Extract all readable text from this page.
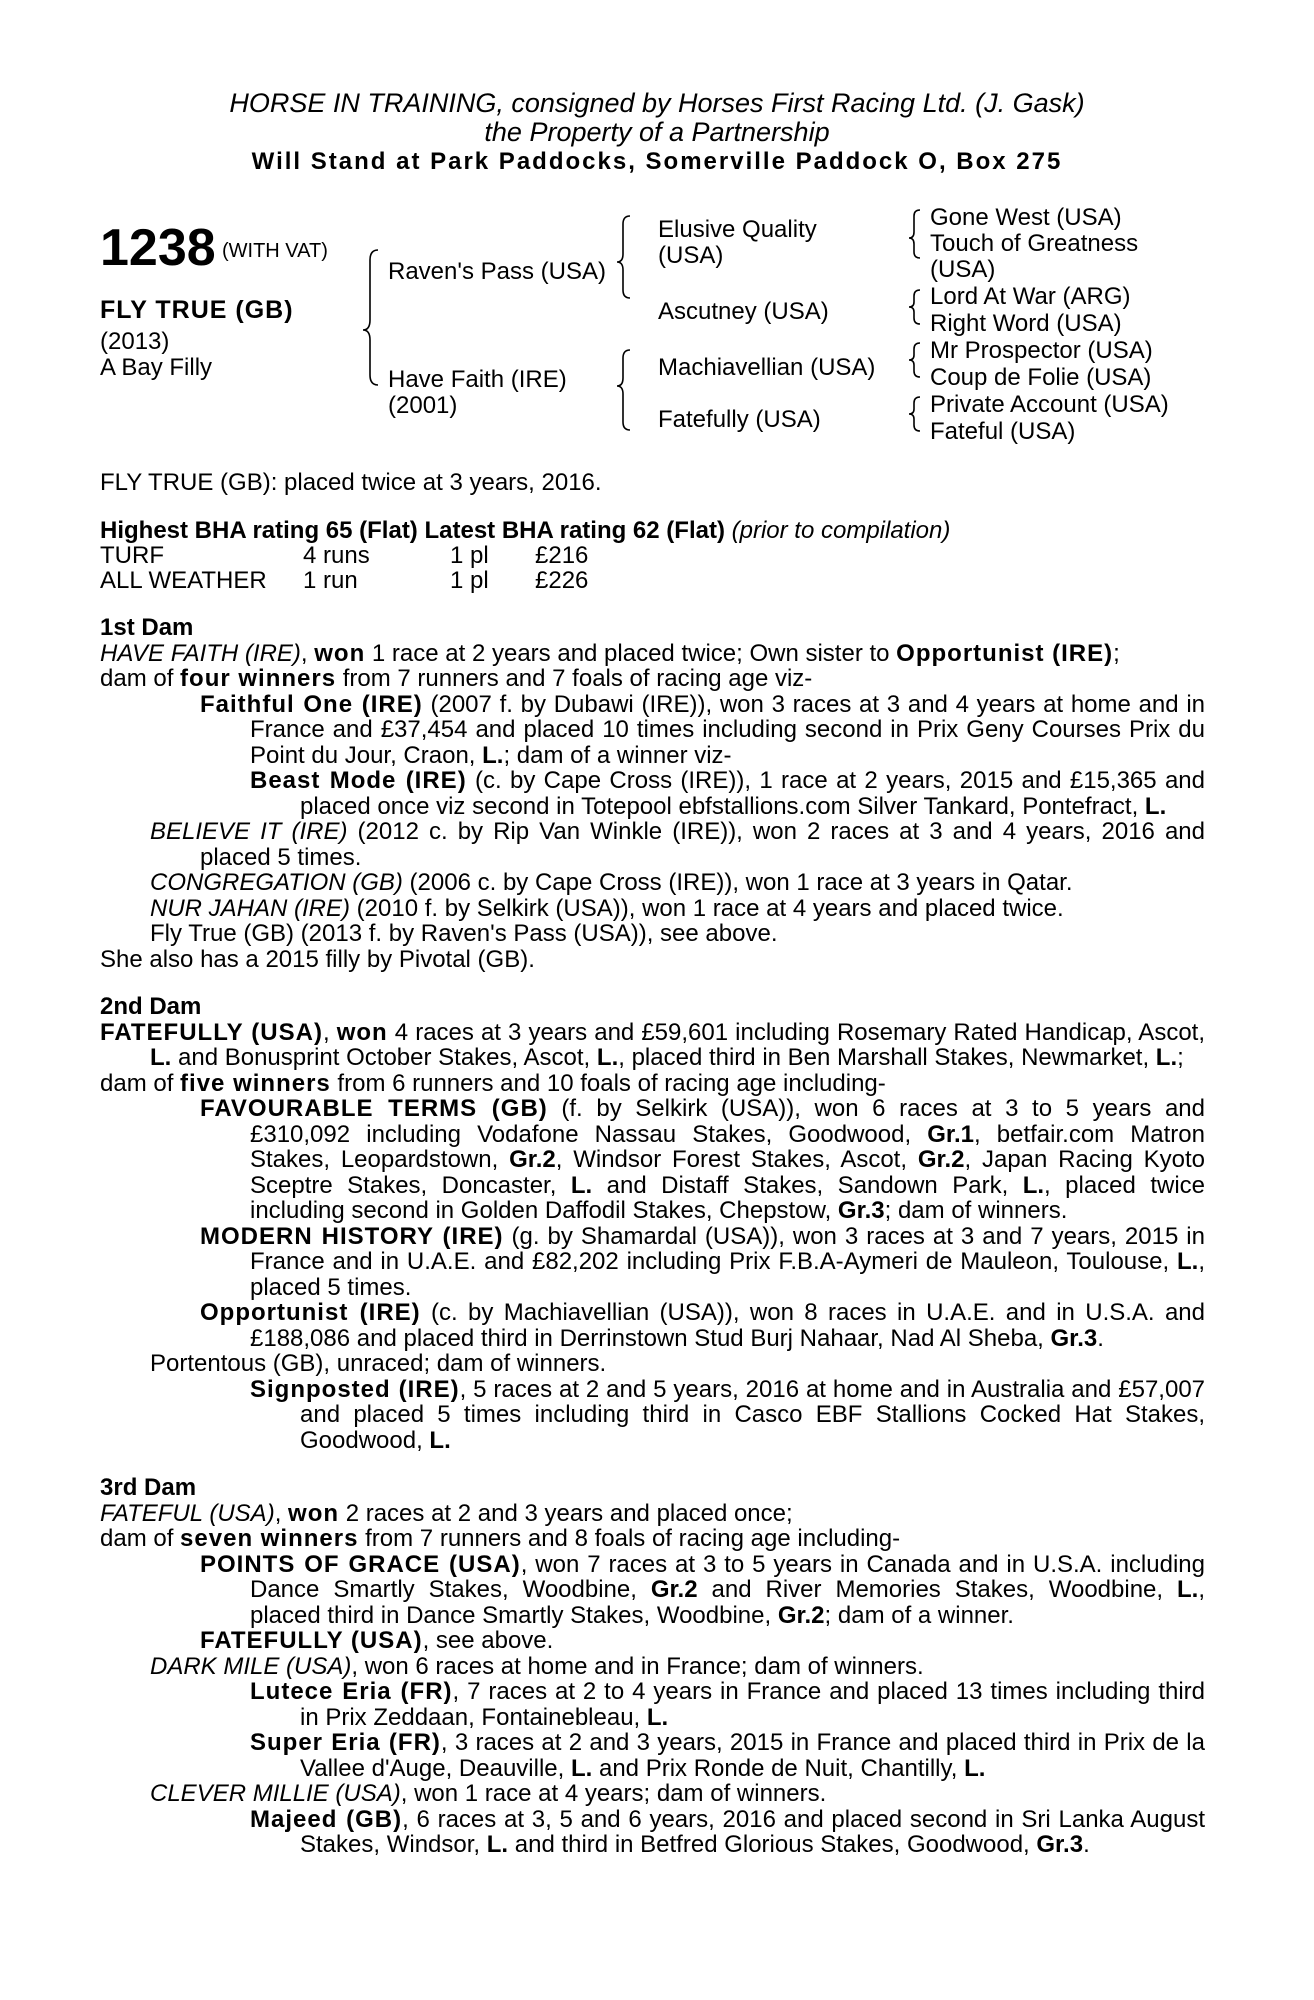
HORSE IN TRAINING, consigned by Horses First Racing Ltd. (J. Gask)
the Property of a Partnership
Will Stand at Park Paddocks, Somerville Paddock O, Box 275
1238 (WITH VAT)
FLY TRUE (GB)
(2013)
A Bay Filly
Raven's Pass (USA)
Have Faith (IRE)
(2001)
Elusive Quality
(USA)
Ascutney (USA)
Machiavellian (USA)
Fatefully (USA)
Gone West (USA)
Touch of Greatness
(USA)
Lord At War (ARG)
Right Word (USA)
Mr Prospector (USA)
Coup de Folie (USA)
Private Account (USA)
Fateful (USA)

FLY TRUE (GB): placed twice at 3 years, 2016.

Highest BHA rating 65 (Flat) Latest BHA rating 62 (Flat) (prior to compilation)

TURF	4 runs	1 pl	£216
ALL WEATHER	1 run	1 pl	£226

1st Dam

HAVE FAITH (IRE), won 1 race at 2 years and placed twice; Own sister to Opportunist (IRE);

dam of four winners from 7 runners and 7 foals of racing age viz-

Faithful One (IRE) (2007 f. by Dubawi (IRE)), won 3 races at 3 and 4 years at home and in France and £37,454 and placed 10 times including second in Prix Geny Courses Prix du Point du Jour, Craon, L.; dam of a winner viz-

Beast Mode (IRE) (c. by Cape Cross (IRE)), 1 race at 2 years, 2015 and £15,365 and placed once viz second in Totepool ebfstallions.com Silver Tankard, Pontefract, L.

BELIEVE IT (IRE) (2012 c. by Rip Van Winkle (IRE)), won 2 races at 3 and 4 years, 2016 and placed 5 times.

CONGREGATION (GB) (2006 c. by Cape Cross (IRE)), won 1 race at 3 years in Qatar.

NUR JAHAN (IRE) (2010 f. by Selkirk (USA)), won 1 race at 4 years and placed twice.

Fly True (GB) (2013 f. by Raven's Pass (USA)), see above.

She also has a 2015 filly by Pivotal (GB).

2nd Dam

FATEFULLY (USA), won 4 races at 3 years and £59,601 including Rosemary Rated Handicap, Ascot, L. and Bonusprint October Stakes, Ascot, L., placed third in Ben Marshall Stakes, Newmarket, L.;

dam of five winners from 6 runners and 10 foals of racing age including-

FAVOURABLE TERMS (GB) (f. by Selkirk (USA)), won 6 races at 3 to 5 years and £310,092 including Vodafone Nassau Stakes, Goodwood, Gr.1, betfair.com Matron Stakes, Leopardstown, Gr.2, Windsor Forest Stakes, Ascot, Gr.2, Japan Racing Kyoto Sceptre Stakes, Doncaster, L. and Distaff Stakes, Sandown Park, L., placed twice including second in Golden Daffodil Stakes, Chepstow, Gr.3; dam of winners.

MODERN HISTORY (IRE) (g. by Shamardal (USA)), won 3 races at 3 and 7 years, 2015 in France and in U.A.E. and £82,202 including Prix F.B.A-Aymeri de Mauleon, Toulouse, L., placed 5 times.

Opportunist (IRE) (c. by Machiavellian (USA)), won 8 races in U.A.E. and in U.S.A. and £188,086 and placed third in Derrinstown Stud Burj Nahaar, Nad Al Sheba, Gr.3.

Portentous (GB), unraced; dam of winners.

Signposted (IRE), 5 races at 2 and 5 years, 2016 at home and in Australia and £57,007 and placed 5 times including third in Casco EBF Stallions Cocked Hat Stakes, Goodwood, L.

3rd Dam

FATEFUL (USA), won 2 races at 2 and 3 years and placed once;

dam of seven winners from 7 runners and 8 foals of racing age including-

POINTS OF GRACE (USA), won 7 races at 3 to 5 years in Canada and in U.S.A. including Dance Smartly Stakes, Woodbine, Gr.2 and River Memories Stakes, Woodbine, L., placed third in Dance Smartly Stakes, Woodbine, Gr.2; dam of a winner.

FATEFULLY (USA), see above.

DARK MILE (USA), won 6 races at home and in France; dam of winners.

Lutece Eria (FR), 7 races at 2 to 4 years in France and placed 13 times including third in Prix Zeddaan, Fontainebleau, L.

Super Eria (FR), 3 races at 2 and 3 years, 2015 in France and placed third in Prix de la Vallee d'Auge, Deauville, L. and Prix Ronde de Nuit, Chantilly, L.

CLEVER MILLIE (USA), won 1 race at 4 years; dam of winners.

Majeed (GB), 6 races at 3, 5 and 6 years, 2016 and placed second in Sri Lanka August Stakes, Windsor, L. and third in Betfred Glorious Stakes, Goodwood, Gr.3.
